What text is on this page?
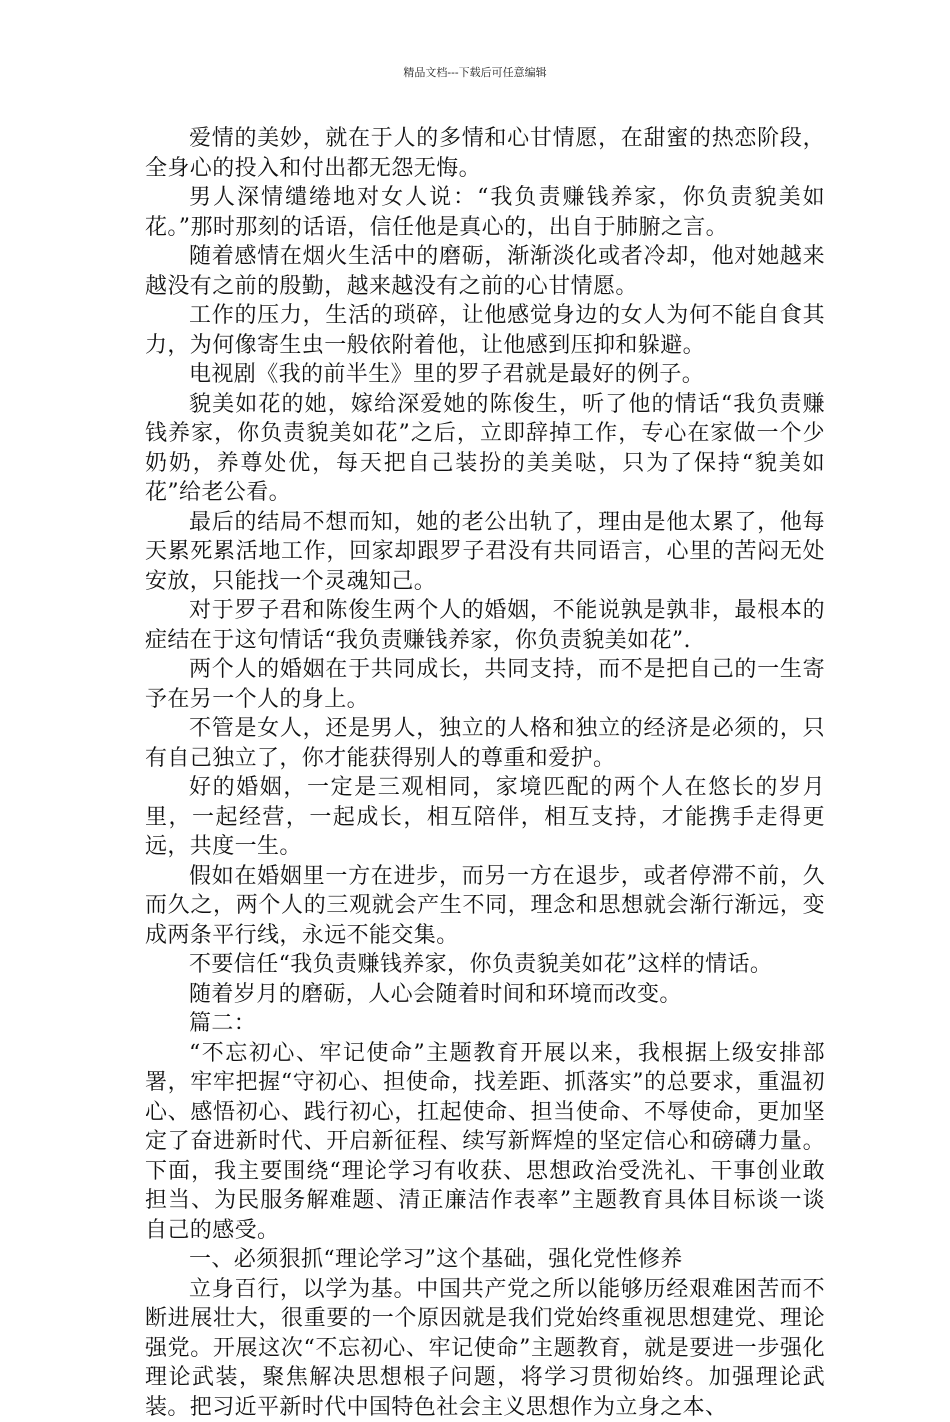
精品文档---下载后可任意编辑

爱情的美妙，就在于人的多情和心甘情愿，在甜蜜的热恋阶段，全身心的投入和付出都无怨无悔。

男人深情缱绻地对女人说：“我负责赚钱养家，你负责貌美如花。”那时那刻的话语，信任他是真心的，出自于肺腑之言。

随着感情在烟火生活中的磨砺，渐渐淡化或者冷却，他对她越来越没有之前的殷勤，越来越没有之前的心甘情愿。

工作的压力，生活的琐碎，让他感觉身边的女人为何不能自食其力，为何像寄生虫一般依附着他，让他感到压抑和躲避。

电视剧《我的前半生》里的罗子君就是最好的例子。

貌美如花的她，嫁给深爱她的陈俊生，听了他的情话“我负责赚钱养家，你负责貌美如花”之后，立即辞掉工作，专心在家做一个少奶奶，养尊处优，每天把自己装扮的美美哒，只为了保持“貌美如花”给老公看。

最后的结局不想而知，她的老公出轨了，理由是他太累了，他每天累死累活地工作，回家却跟罗子君没有共同语言，心里的苦闷无处安放，只能找一个灵魂知己。

对于罗子君和陈俊生两个人的婚姻，不能说孰是孰非，最根本的症结在于这句情话“我负责赚钱养家，你负责貌美如花”.

两个人的婚姻在于共同成长，共同支持，而不是把自己的一生寄予在另一个人的身上。

不管是女人，还是男人，独立的人格和独立的经济是必须的，只有自己独立了，你才能获得别人的尊重和爱护。

好的婚姻，一定是三观相同，家境匹配的两个人在悠长的岁月里，一起经营，一起成长，相互陪伴，相互支持，才能携手走得更远，共度一生。

假如在婚姻里一方在进步，而另一方在退步，或者停滞不前，久而久之，两个人的三观就会产生不同，理念和思想就会渐行渐远，变成两条平行线，永远不能交集。

不要信任“我负责赚钱养家，你负责貌美如花”这样的情话。

随着岁月的磨砺，人心会随着时间和环境而改变。

篇二：

“不忘初心、牢记使命”主题教育开展以来，我根据上级安排部署，牢牢把握“守初心、担使命，找差距、抓落实”的总要求，重温初心、感悟初心、践行初心，扛起使命、担当使命、不辱使命，更加坚定了奋进新时代、开启新征程、续写新辉煌的坚定信心和磅礴力量。下面，我主要围绕“理论学习有收获、思想政治受洗礼、干事创业敢担当、为民服务解难题、清正廉洁作表率”主题教育具体目标谈一谈自己的感受。

一、必须狠抓“理论学习”这个基础，强化党性修养

立身百行，以学为基。中国共产党之所以能够历经艰难困苦而不断进展壮大，很重要的一个原因就是我们党始终重视思想建党、理论强党。开展这次“不忘初心、牢记使命”主题教育，就是要进一步强化理论武装，聚焦解决思想根子问题，将学习贯彻始终。加强理论武装。把习近平新时代中国特色社会主义思想作为立身之本、
